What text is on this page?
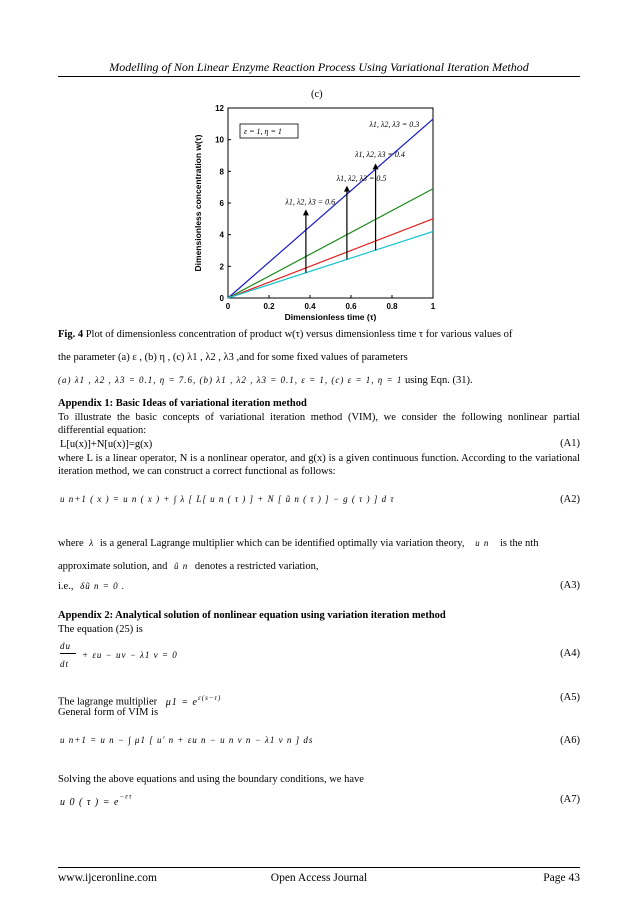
Modelling of Non Linear Enzyme Reaction Process Using Variational Iteration Method
(c)
0	0.2	0.4	0.6	0.8	1
0
2
4
6
8
10
12
Dimensionless time (τ)
Dimensionless concentration w(τ)
ε = 1, η = 1
λ1, λ2, λ3 = 0.3
λ1, λ2, λ3 = 0.4
λ1, λ2, λ3 = 0.5
λ1, λ2, λ3 = 0.6
Fig. 4 Plot of dimensionless concentration of product w(τ) versus dimensionless time τ for various values of
the parameter (a) ε , (b) η , (c) λ1 , λ2 , λ3 ,and for some fixed values of parameters
(a) λ1 , λ2 , λ3 = 0.1, η = 7.6, (b) λ1 , λ2 , λ3 = 0.1, ε = 1, (c) ε = 1, η = 1 using Eqn. (31).
Appendix 1: Basic Ideas of variational iteration method
To illustrate the basic concepts of variational iteration method (VIM), we consider the following nonlinear partial differential equation:
L[u(x)]+N[u(x)]=g(x)	(A1)
where L is a linear operator, N is a nonlinear operator, and g(x) is a given continuous function. According to the variational iteration method, we can construct a correct functional as follows:
u n+1 ( x ) = u n ( x ) + ∫ λ [ L[ u n ( τ ) ] + N [ ũ n ( τ ) ] − g ( τ ) ] d τ	(A2)
where λ is a general Lagrange multiplier which can be identified optimally via variation theory, u n is the nth
approximate solution, and ũ n denotes a restricted variation,
i.e., δũ n = 0 .	(A3)
Appendix 2: Analytical solution of nonlinear equation using variation iteration method
The equation (25) is
du
dt
+ εu − uv − λ1 v = 0	(A4)
The lagrange multiplier $\mu 1 = e^{\varepsilon(s-\tau)}$	(A5)
General form of VIM is
u n+1 = u n − ∫ μ1 [ u′ n + εu n − u n v n − λ1 v n ] ds	(A6)
Solving the above equations and using the boundary conditions, we have
u 0 ( τ ) = $e^{-\varepsilon\tau}$	(A7)
www.ijceronline.com	Open Access Journal	Page 43
